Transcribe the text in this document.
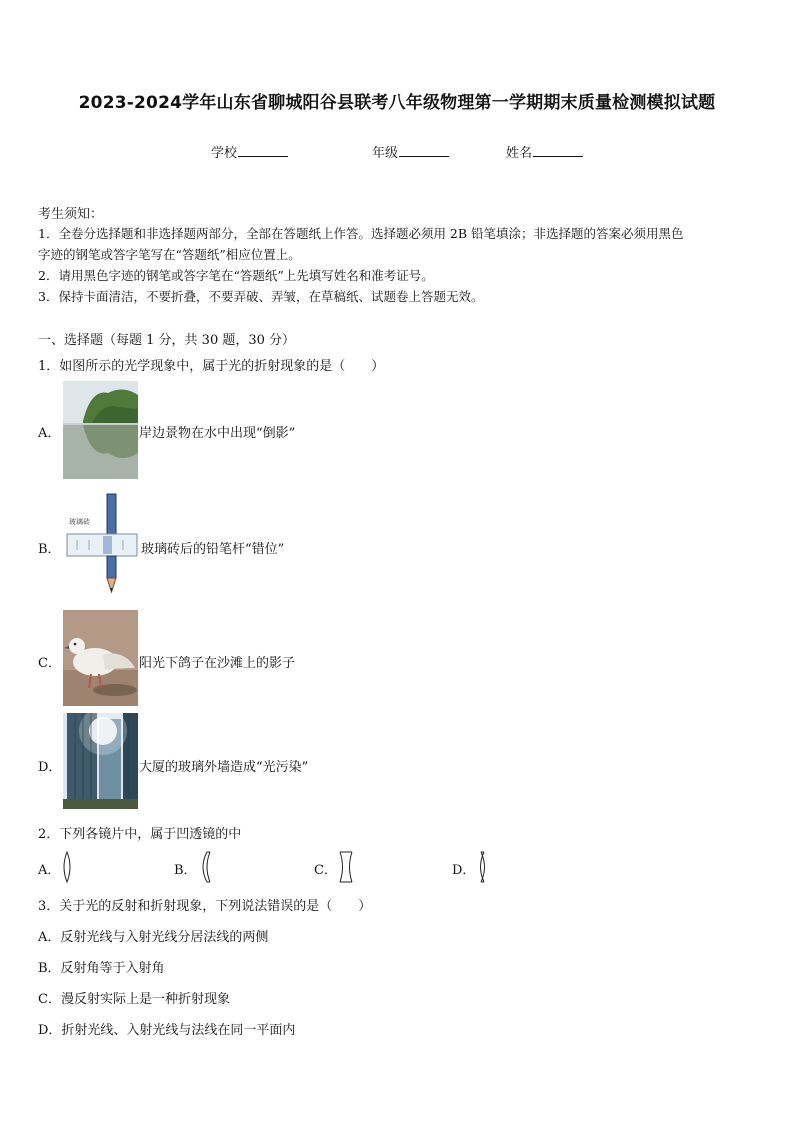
2023-2024学年山东省聊城阳谷县联考八年级物理第一学期期末质量检测模拟试题
学校	年级	姓名
考生须知：
1．全卷分选择题和非选择题两部分，全部在答题纸上作答。选择题必须用 2B 铅笔填涂；非选择题的答案必须用黑色
字迹的钢笔或答字笔写在“答题纸”相应位置上。
2．请用黑色字迹的钢笔或答字笔在“答题纸”上先填写姓名和准考证号。
3．保持卡面清洁，不要折叠，不要弄破、弄皱，在草稿纸、试题卷上答题无效。
一、选择题（每题 1 分，共 30 题，30 分）
1．如图所示的光学现象中，属于光的折射现象的是（　　）
A．	岸边景物在水中出现“倒影”
B．
玻璃砖
玻璃砖后的铅笔杆“错位”
C．	阳光下鸽子在沙滩上的影子
D．	大厦的玻璃外墙造成“光污染”
2．下列各镜片中，属于凹透镜的中
A．	B．	C．	D．
3．关于光的反射和折射现象，下列说法错误的是（　　）
A．反射光线与入射光线分居法线的两侧
B．反射角等于入射角
C．漫反射实际上是一种折射现象
D．折射光线、入射光线与法线在同一平面内
